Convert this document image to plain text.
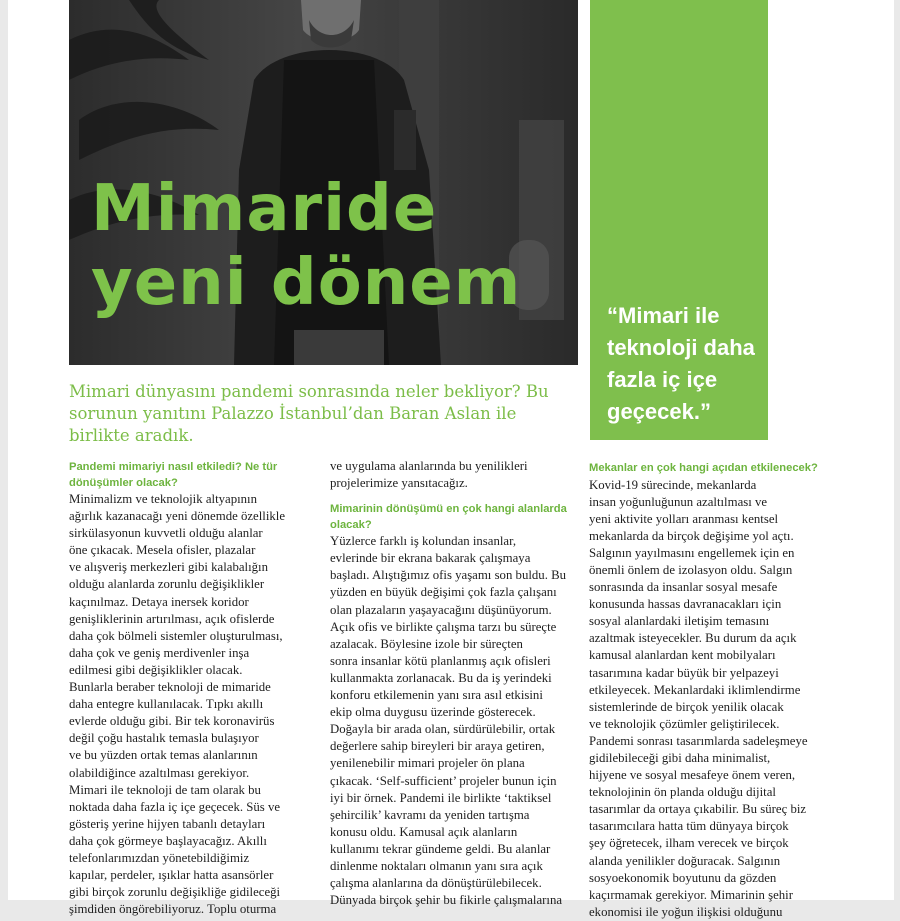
Mimaride
yeni dönem	“Mimari ile teknoloji daha fazla iç içe geçecek.”
Mimari dünyasını pandemi sonrasında neler bekliyor? Bu sorunun yanıtını Palazzo İstanbul’dan Baran Aslan ile birlikte aradık.
Pandemi mimariyi nasıl etkiledi? Ne tür dönüşümler olacak?
Minimalizm ve teknolojik altyapının
ağırlık kazanacağı yeni dönemde özellikle
sirkülasyonun kuvvetli olduğu alanlar
öne çıkacak. Mesela ofisler, plazalar
ve alışveriş merkezleri gibi kalabalığın
olduğu alanlarda zorunlu değişiklikler
kaçınılmaz. Detaya inersek koridor
genişliklerinin artırılması, açık ofislerde
daha çok bölmeli sistemler oluşturulması,
daha çok ve geniş merdivenler inşa
edilmesi gibi değişiklikler olacak.
Bunlarla beraber teknoloji de mimaride
daha entegre kullanılacak. Tıpkı akıllı
evlerde olduğu gibi. Bir tek koronavirüs
değil çoğu hastalık temasla bulaşıyor
ve bu yüzden ortak temas alanlarının
olabildiğince azaltılması gerekiyor.
Mimari ile teknoloji de tam olarak bu
noktada daha fazla iç içe geçecek. Süs ve
gösteriş yerine hijyen tabanlı detayları
daha çok görmeye başlayacağız. Akıllı
telefonlarımızdan yönetebildiğimiz
kapılar, perdeler, ışıklar hatta asansörler
gibi birçok zorunlu değişikliğe gidileceği
şimdiden öngörebiliyoruz. Toplu oturma
ve uygulama alanlarında bu yenilikleri
projelerimize yansıtacağız.
Mimarinin dönüşümü en çok hangi alanlarda olacak?
Yüzlerce farklı iş kolundan insanlar,
evlerinde bir ekrana bakarak çalışmaya
başladı. Alıştığımız ofis yaşamı son buldu. Bu
yüzden en büyük değişimi çok fazla çalışanı
olan plazaların yaşayacağını düşünüyorum.
Açık ofis ve birlikte çalışma tarzı bu süreçte
azalacak. Böylesine izole bir süreçten
sonra insanlar kötü planlanmış açık ofisleri
kullanmakta zorlanacak. Bu da iş yerindeki
konforu etkilemenin yanı sıra asıl etkisini
ekip olma duygusu üzerinde gösterecek.
Doğayla bir arada olan, sürdürülebilir, ortak
değerlere sahip bireyleri bir araya getiren,
yenilenebilir mimari projeler ön plana
çıkacak. ‘Self-sufficient’ projeler bunun için
iyi bir örnek. Pandemi ile birlikte ‘taktiksel
şehircilik’ kavramı da yeniden tartışma
konusu oldu. Kamusal açık alanların
kullanımı tekrar gündeme geldi. Bu alanlar
dinlenme noktaları olmanın yanı sıra açık
çalışma alanlarına da dönüştürülebilecek.
Dünyada birçok şehir bu fikirle çalışmalarına
Mekanlar en çok hangi açıdan etkilenecek?
Kovid-19 sürecinde, mekanlarda
insan yoğunluğunun azaltılması ve
yeni aktivite yolları aranması kentsel
mekanlarda da birçok değişime yol açtı.
Salgının yayılmasını engellemek için en
önemli önlem de izolasyon oldu. Salgın
sonrasında da insanlar sosyal mesafe
konusunda hassas davranacakları için
sosyal alanlardaki iletişim temasını
azaltmak isteyecekler. Bu durum da açık
kamusal alanlardan kent mobilyaları
tasarımına kadar büyük bir yelpazeyi
etkileyecek. Mekanlardaki iklimlendirme
sistemlerinde de birçok yenilik olacak
ve teknolojik çözümler geliştirilecek.
Pandemi sonrası tasarımlarda sadeleşmeye
gidilebileceği gibi daha minimalist,
hijyene ve sosyal mesafeye önem veren,
teknolojinin ön planda olduğu dijital
tasarımlar da ortaya çıkabilir. Bu süreç biz
tasarımcılara hatta tüm dünyaya birçok
şey öğretecek, ilham verecek ve birçok
alanda yenilikler doğuracak. Salgının
sosyoekonomik boyutunu da gözden
kaçırmamak gerekiyor. Mimarinin şehir
ekonomisi ile yoğun ilişkisi olduğunu
